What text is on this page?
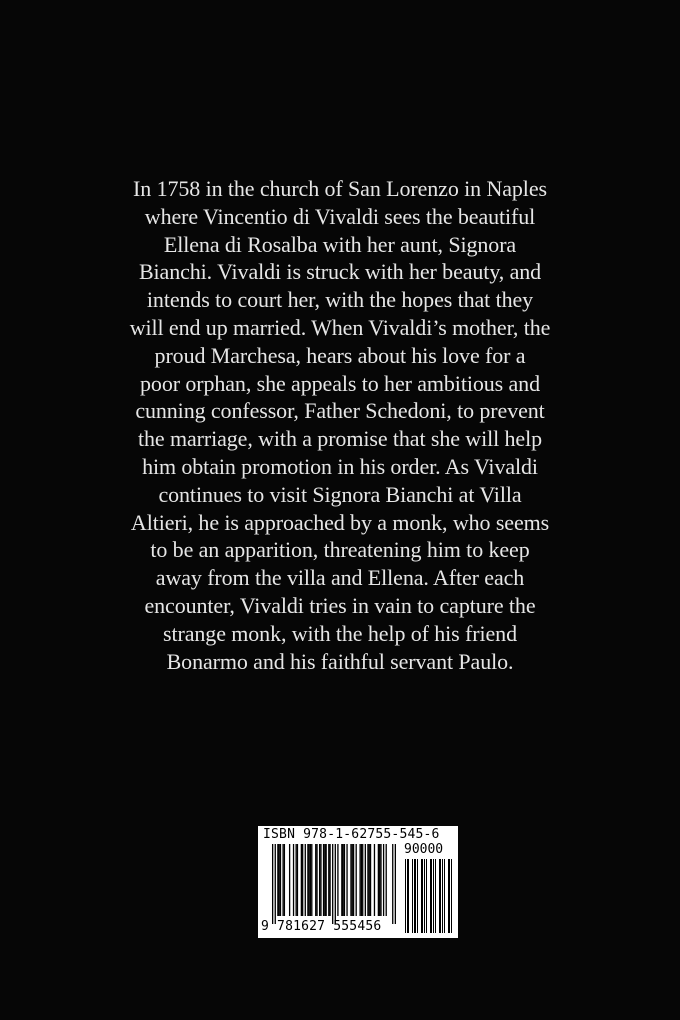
In 1758 in the church of San Lorenzo in Naples
where Vincentio di Vivaldi sees the beautiful
Ellena di Rosalba with her aunt, Signora
Bianchi. Vivaldi is struck with her beauty, and
intends to court her, with the hopes that they
will end up married. When Vivaldi’s mother, the
proud Marchesa, hears about his love for a
poor orphan, she appeals to her ambitious and
cunning confessor, Father Schedoni, to prevent
the marriage, with a promise that she will help
him obtain promotion in his order. As Vivaldi
continues to visit Signora Bianchi at Villa
Altieri, he is approached by a monk, who seems
to be an apparition, threatening him to keep
away from the villa and Ellena. After each
encounter, Vivaldi tries in vain to capture the
strange monk, with the help of his friend
Bonarmo and his faithful servant Paulo.
ISBN 978-1-62755-545-6
90000
9 781627 555456
